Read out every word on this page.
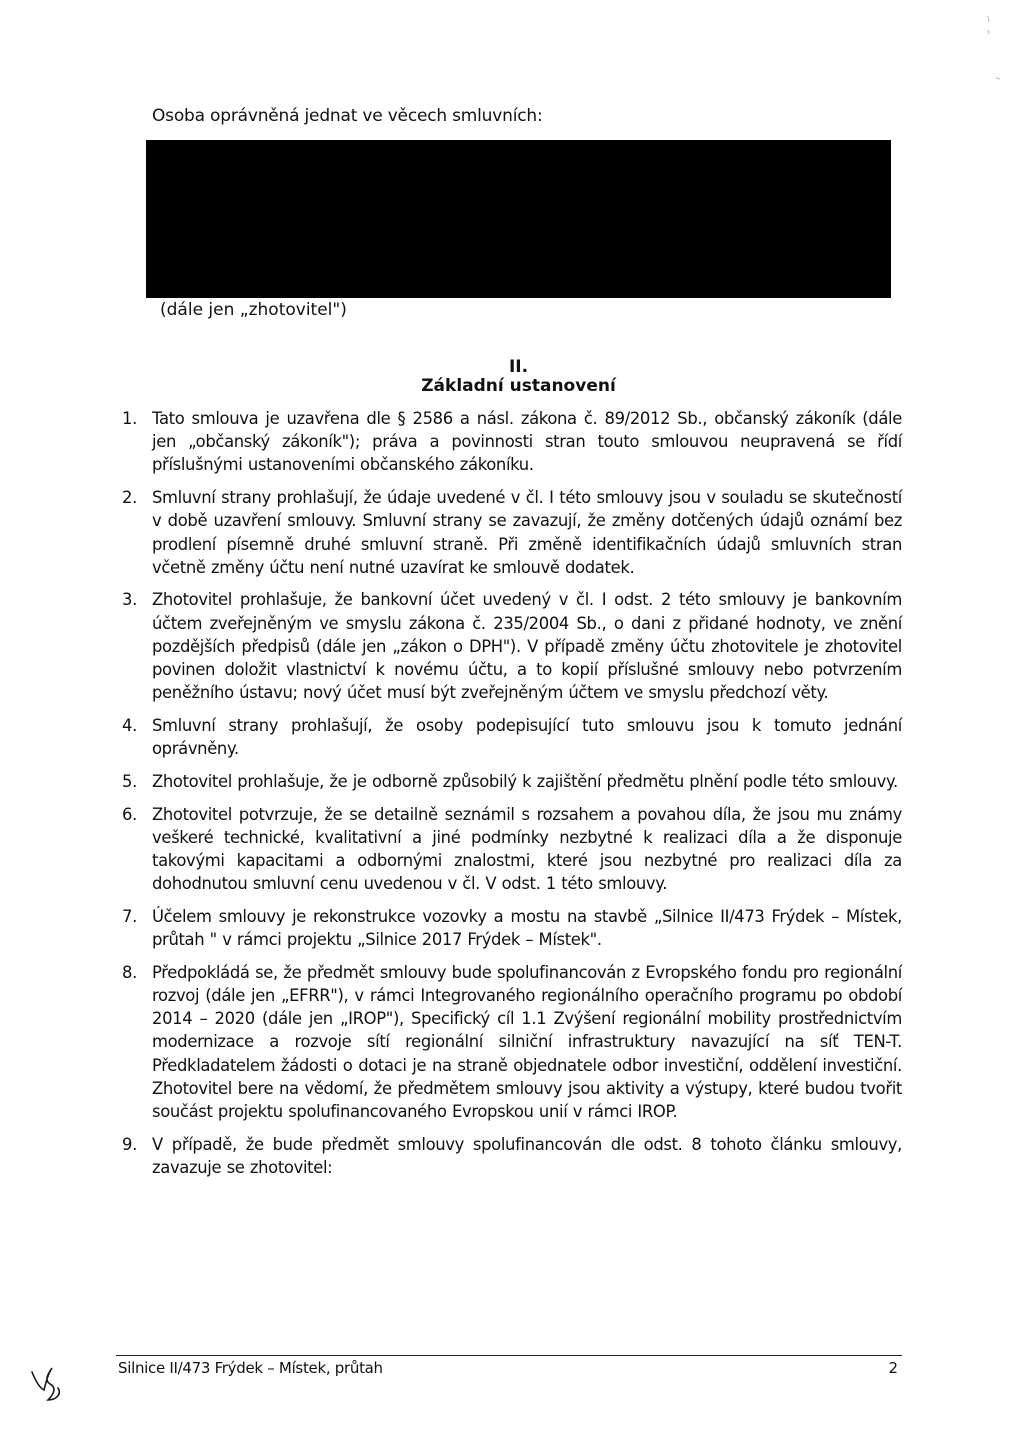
Osoba oprávněná jednat ve věcech smluvních:
(dále jen „zhotovitel")
II.
Základní ustanovení
1. Tato smlouva je uzavřena dle § 2586 a násl. zákona č. 89/2012 Sb., občanský zákoník (dále jen „občanský zákoník"); práva a povinnosti stran touto smlouvou neupravená se řídí příslušnými ustanoveními občanského zákoníku.
2. Smluvní strany prohlašují, že údaje uvedené v čl. I této smlouvy jsou v souladu se skutečností v době uzavření smlouvy. Smluvní strany se zavazují, že změny dotčených údajů oznámí bez prodlení písemně druhé smluvní straně. Při změně identifikačních údajů smluvních stran včetně změny účtu není nutné uzavírat ke smlouvě dodatek.
3. Zhotovitel prohlašuje, že bankovní účet uvedený v čl. I odst. 2 této smlouvy je bankovním účtem zveřejněným ve smyslu zákona č. 235/2004 Sb., o dani z přidané hodnoty, ve znění pozdějších předpisů (dále jen „zákon o DPH"). V případě změny účtu zhotovitele je zhotovitel povinen doložit vlastnictví k novému účtu, a to kopií příslušné smlouvy nebo potvrzením peněžního ústavu; nový účet musí být zveřejněným účtem ve smyslu předchozí věty.
4. Smluvní strany prohlašují, že osoby podepisující tuto smlouvu jsou k tomuto jednání oprávněny.
5. Zhotovitel prohlašuje, že je odborně způsobilý k zajištění předmětu plnění podle této smlouvy.
6. Zhotovitel potvrzuje, že se detailně seznámil s rozsahem a povahou díla, že jsou mu známy veškeré technické, kvalitativní a jiné podmínky nezbytné k realizaci díla a že disponuje takovými kapacitami a odbornými znalostmi, které jsou nezbytné pro realizaci díla za dohodnutou smluvní cenu uvedenou v čl. V odst. 1 této smlouvy.
7. Účelem smlouvy je rekonstrukce vozovky a mostu na stavbě „Silnice II/473 Frýdek – Místek, průtah " v rámci projektu „Silnice 2017 Frýdek – Místek".
8. Předpokládá se, že předmět smlouvy bude spolufinancován z Evropského fondu pro regionální rozvoj (dále jen „EFRR"), v rámci Integrovaného regionálního operačního programu po období 2014 – 2020 (dále jen „IROP"), Specifický cíl 1.1 Zvýšení regionální mobility prostřednictvím modernizace a rozvoje sítí regionální silniční infrastruktury navazující na síť TEN-T. Předkladatelem žádosti o dotaci je na straně objednatele odbor investiční, oddělení investiční. Zhotovitel bere na vědomí, že předmětem smlouvy jsou aktivity a výstupy, které budou tvořit součást projektu spolufinancovaného Evropskou unií v rámci IROP.
9. V případě, že bude předmět smlouvy spolufinancován dle odst. 8 tohoto článku smlouvy, zavazuje se zhotovitel:
Silnice II/473 Frýdek – Místek, průtah	2
